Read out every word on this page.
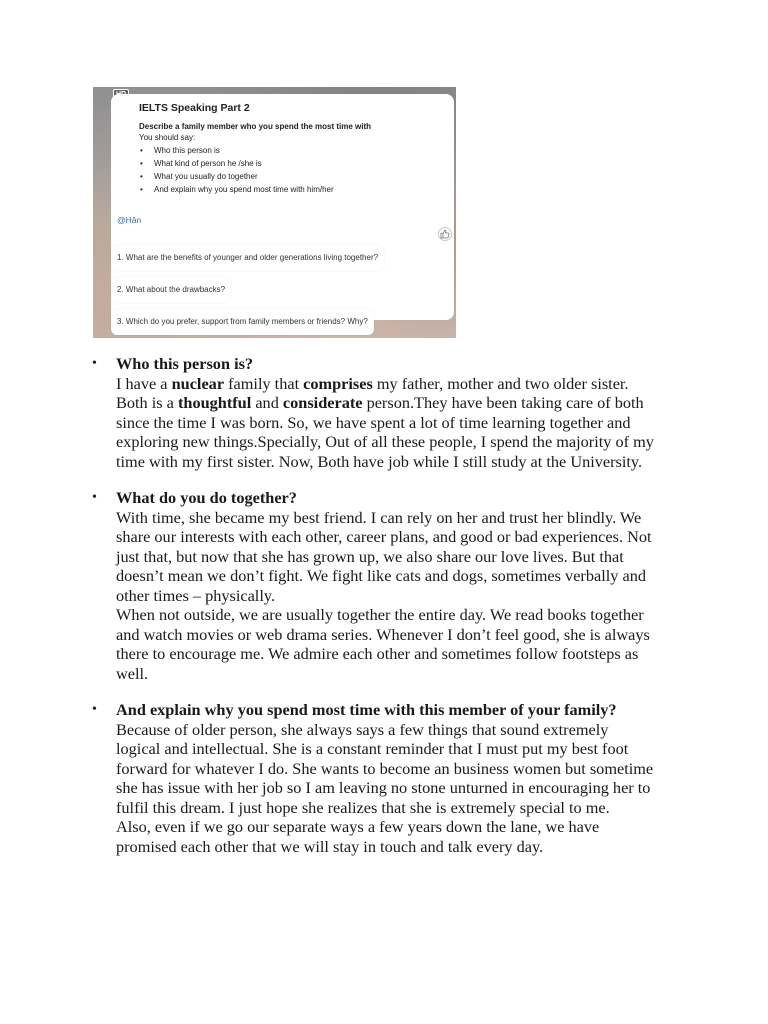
IELTS Speaking Part 2
Describe a family member who you spend the most time with
You should say:
• Who this person is
• What kind of person he /she is
• What you usually do together
• And explain why you spend most time with him/her
@Hân
1. What are the benefits of younger and older generations living together?
2. What about the drawbacks?
3. Which do you prefer, support from family members or friends? Why?
• Who this person is?

I have a nuclear family that comprises my father, mother and two older sister. Both is a thoughtful and considerate person.They have been taking care of both since the time I was born. So, we have spent a lot of time learning together and exploring new things.Specially, Out of all these people, I spend the majority of my time with my first sister. Now, Both have job while I still study at the University.

• What do you do together?

With time, she became my best friend. I can rely on her and trust her blindly. We share our interests with each other, career plans, and good or bad experiences. Not just that, but now that she has grown up, we also share our love lives. But that doesn’t mean we don’t fight. We fight like cats and dogs, sometimes verbally and other times – physically.

When not outside, we are usually together the entire day. We read books together and watch movies or web drama series. Whenever I don’t feel good, she is always there to encourage me. We admire each other and sometimes follow footsteps as well.

• And explain why you spend most time with this member of your family?

Because of older person, she always says a few things that sound extremely logical and intellectual. She is a constant reminder that I must put my best foot forward for whatever I do. She wants to become an business women but sometime she has issue with her job so I am leaving no stone unturned in encouraging her to fulfil this dream. I just hope she realizes that she is extremely special to me.

Also, even if we go our separate ways a few years down the lane, we have promised each other that we will stay in touch and talk every day.
